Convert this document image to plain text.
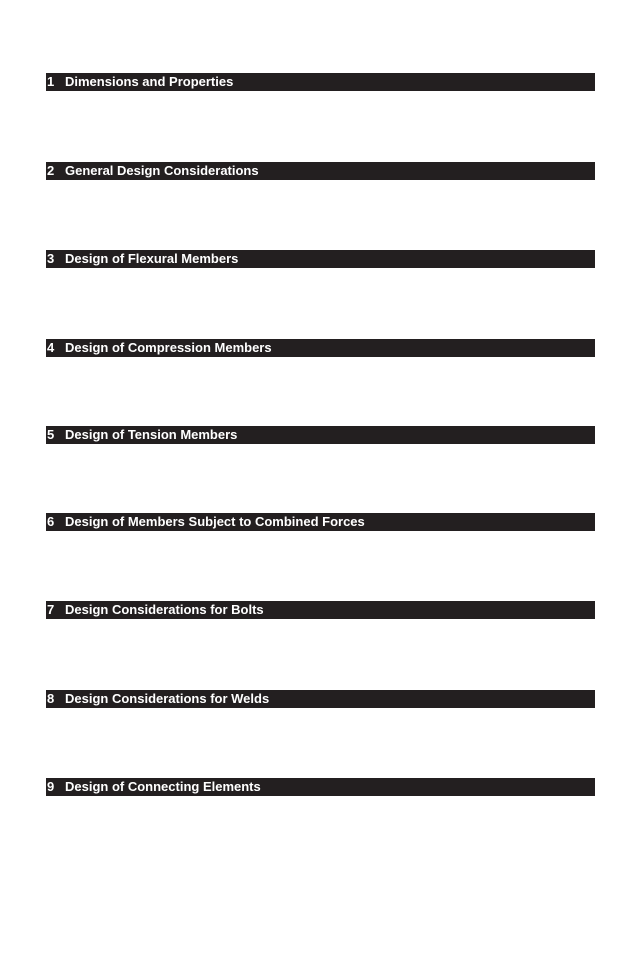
1 Dimensions and Properties
2 General Design Considerations
3 Design of Flexural Members
4 Design of Compression Members
5 Design of Tension Members
6 Design of Members Subject to Combined Forces
7 Design Considerations for Bolts
8 Design Considerations for Welds
9 Design of Connecting Elements
